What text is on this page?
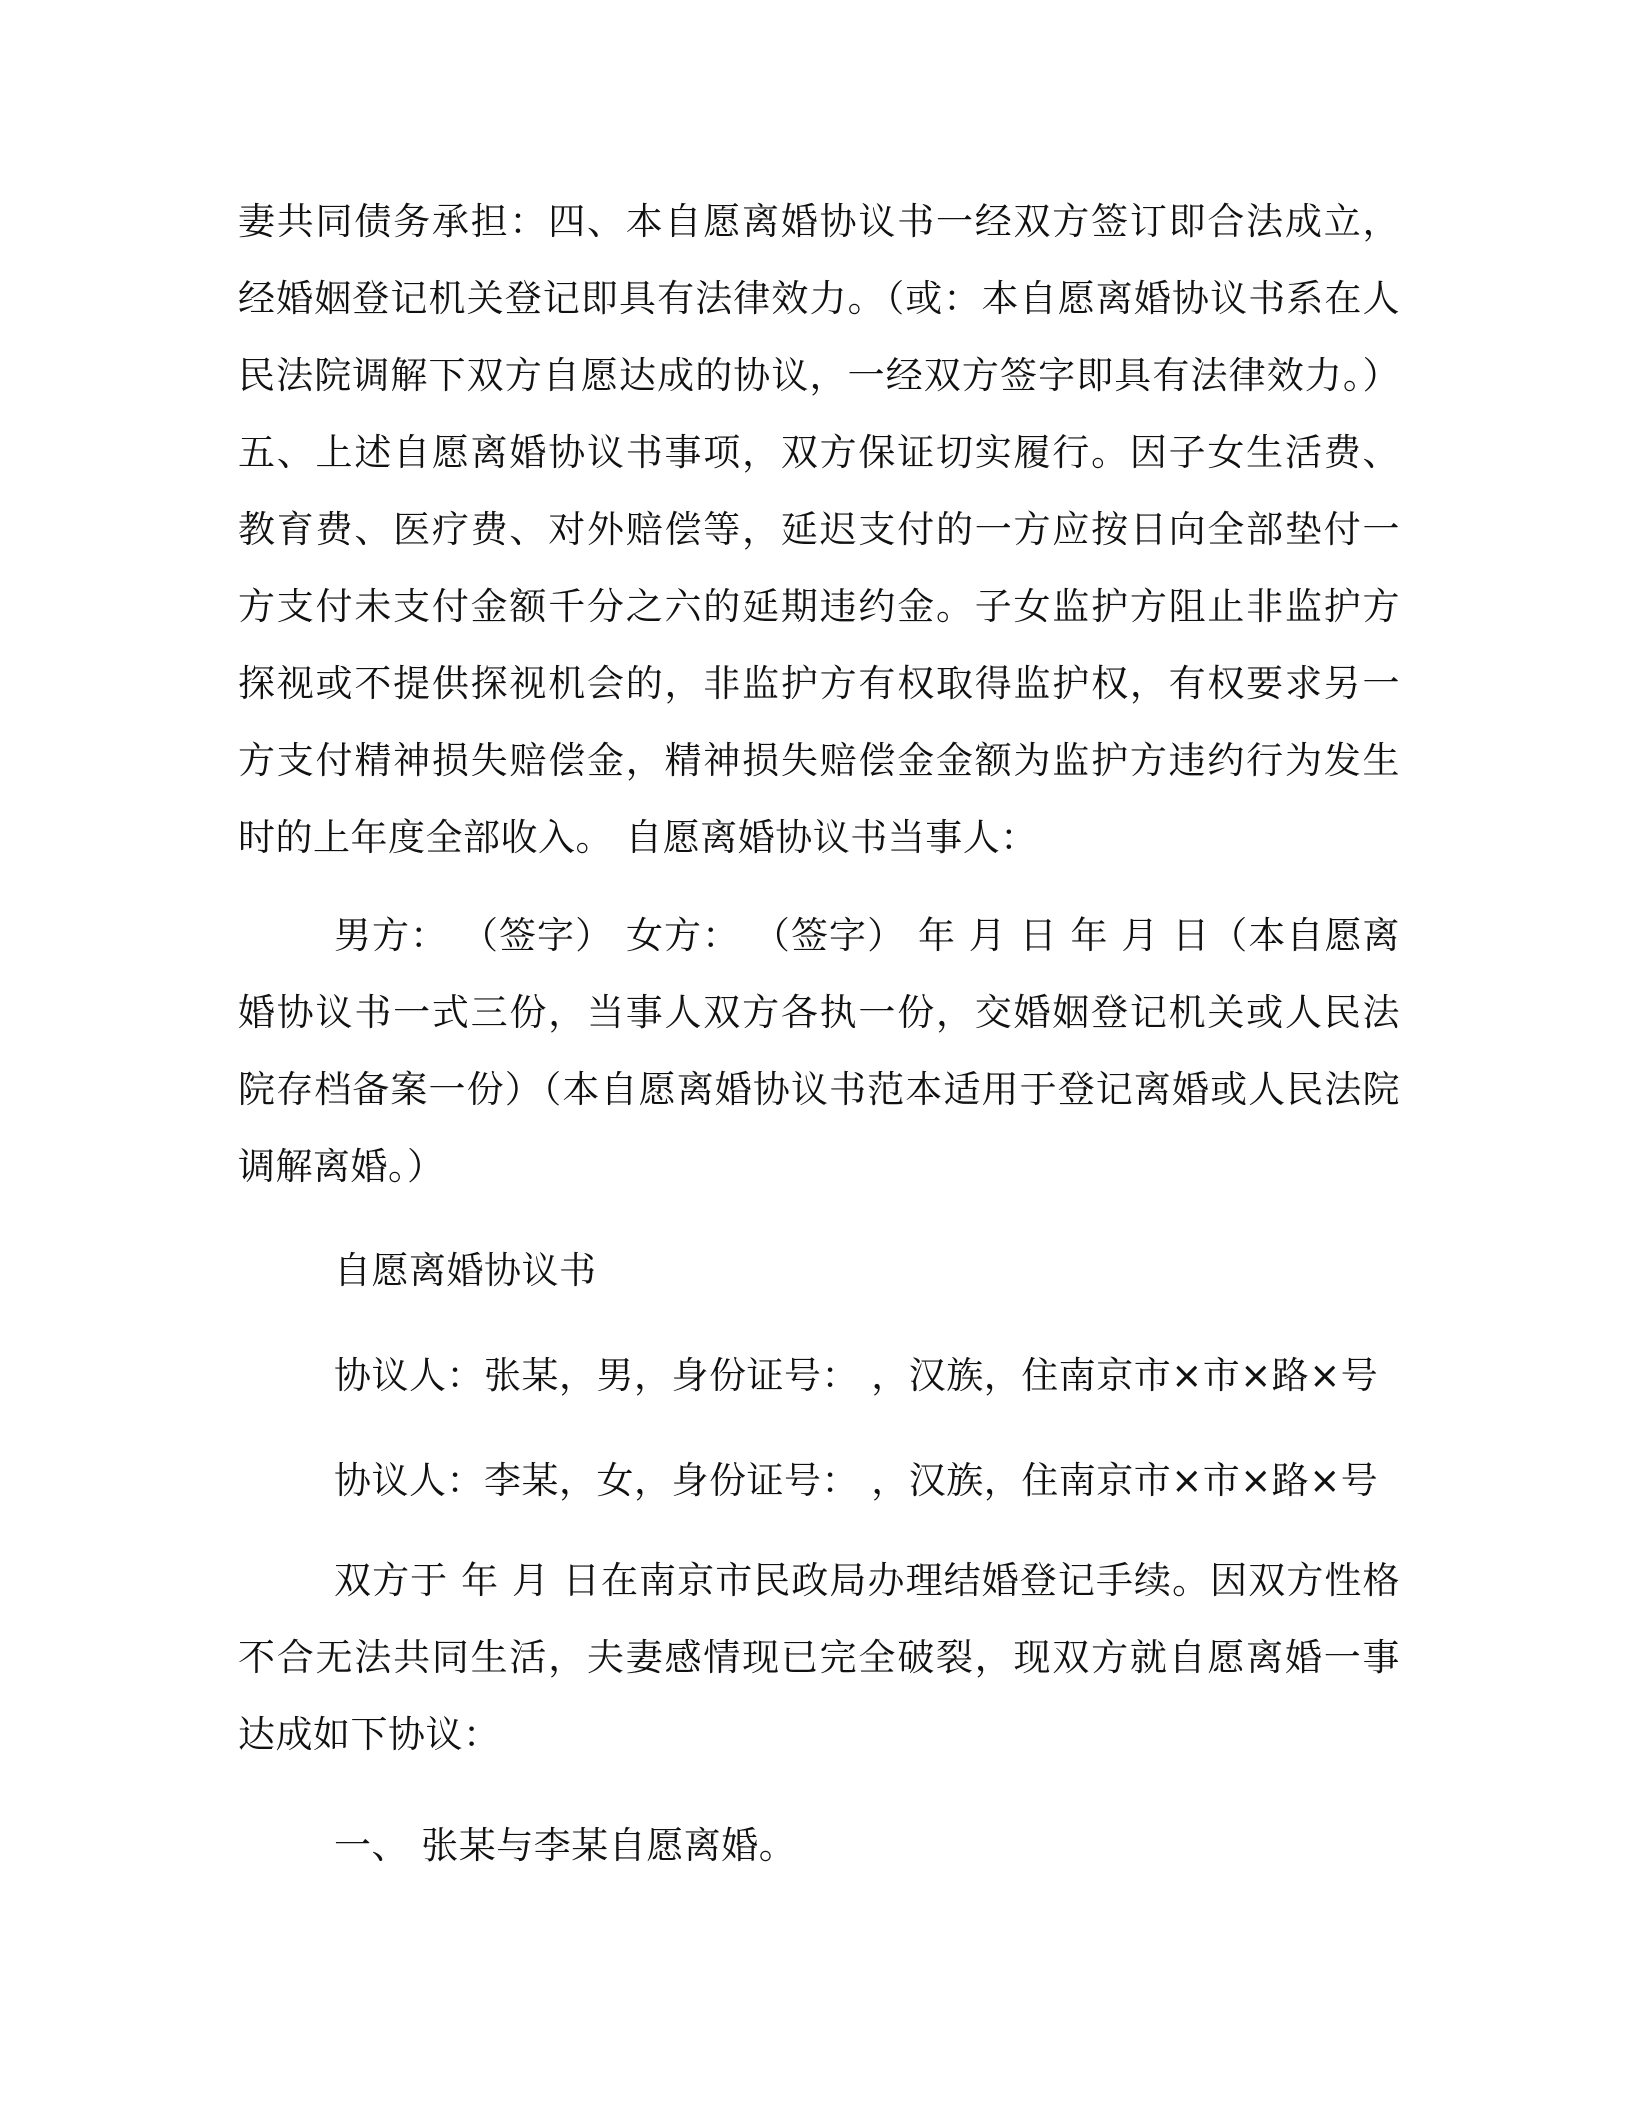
妻共同债务承担：四、本自愿离婚协议书一经双方签订即合法成立，经婚姻登记机关登记即具有法律效力。（或：本自愿离婚协议书系在人民法院调解下双方自愿达成的协议，一经双方签字即具有法律效力。）五、上述自愿离婚协议书事项，双方保证切实履行。因子女生活费、教育费、医疗费、对外赔偿等，延迟支付的一方应按日向全部垫付一方支付未支付金额千分之六的延期违约金。子女监护方阻止非监护方探视或不提供探视机会的，非监护方有权取得监护权，有权要求另一方支付精神损失赔偿金，精神损失赔偿金金额为监护方违约行为发生时的上年度全部收入。 自愿离婚协议书当事人：

男方： （签字） 女方： （签字） 年 月 日 年 月 日（本自愿离婚协议书一式三份，当事人双方各执一份，交婚姻登记机关或人民法院存档备案一份）（本自愿离婚协议书范本适用于登记离婚或人民法院调解离婚。）

自愿离婚协议书

协议人：张某，男，身份证号： ，汉族，住南京市×市×路×号

协议人：李某，女，身份证号： ，汉族，住南京市×市×路×号

双方于 年 月 日在南京市民政局办理结婚登记手续。因双方性格不合无法共同生活，夫妻感情现已完全破裂，现双方就自愿离婚一事达成如下协议：

一、 张某与李某自愿离婚。
